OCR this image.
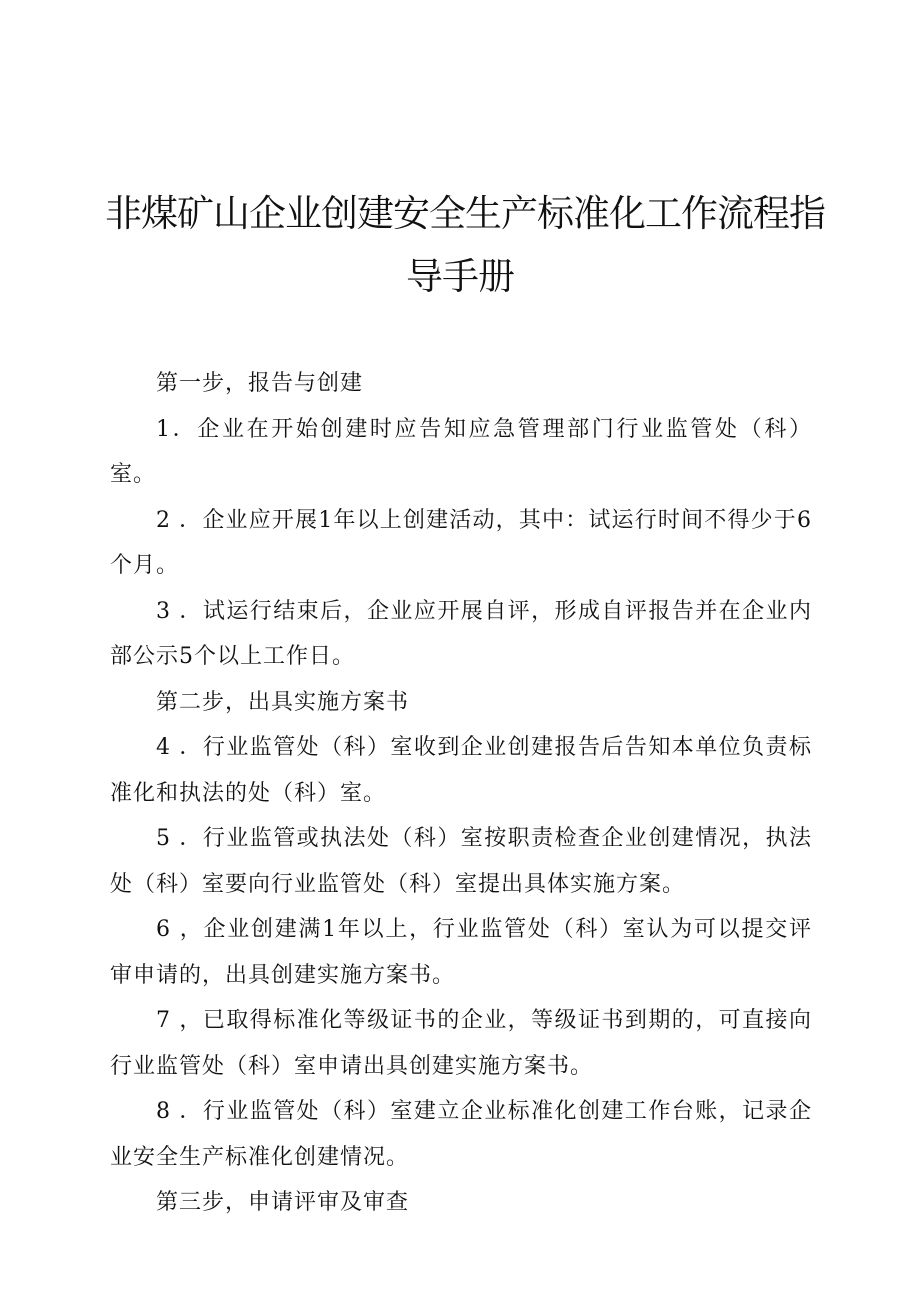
非煤矿山企业创建安全生产标准化工作流程指
导手册

第一步，报告与创建

1．企业在开始创建时应告知应急管理部门行业监管处（科）室。

2 ．企业应开展1年以上创建活动，其中：试运行时间不得少于6个月。

3 ．试运行结束后，企业应开展自评，形成自评报告并在企业内部公示5个以上工作日。

第二步，出具实施方案书

4 ．行业监管处（科）室收到企业创建报告后告知本单位负责标准化和执法的处（科）室。

5 ．行业监管或执法处（科）室按职责检查企业创建情况，执法处（科）室要向行业监管处（科）室提出具体实施方案。

6 ，企业创建满1年以上，行业监管处（科）室认为可以提交评审申请的，出具创建实施方案书。

7 ，已取得标准化等级证书的企业，等级证书到期的，可直接向行业监管处（科）室申请出具创建实施方案书。

8 ．行业监管处（科）室建立企业标准化创建工作台账，记录企业安全生产标准化创建情况。

第三步，申请评审及审查
